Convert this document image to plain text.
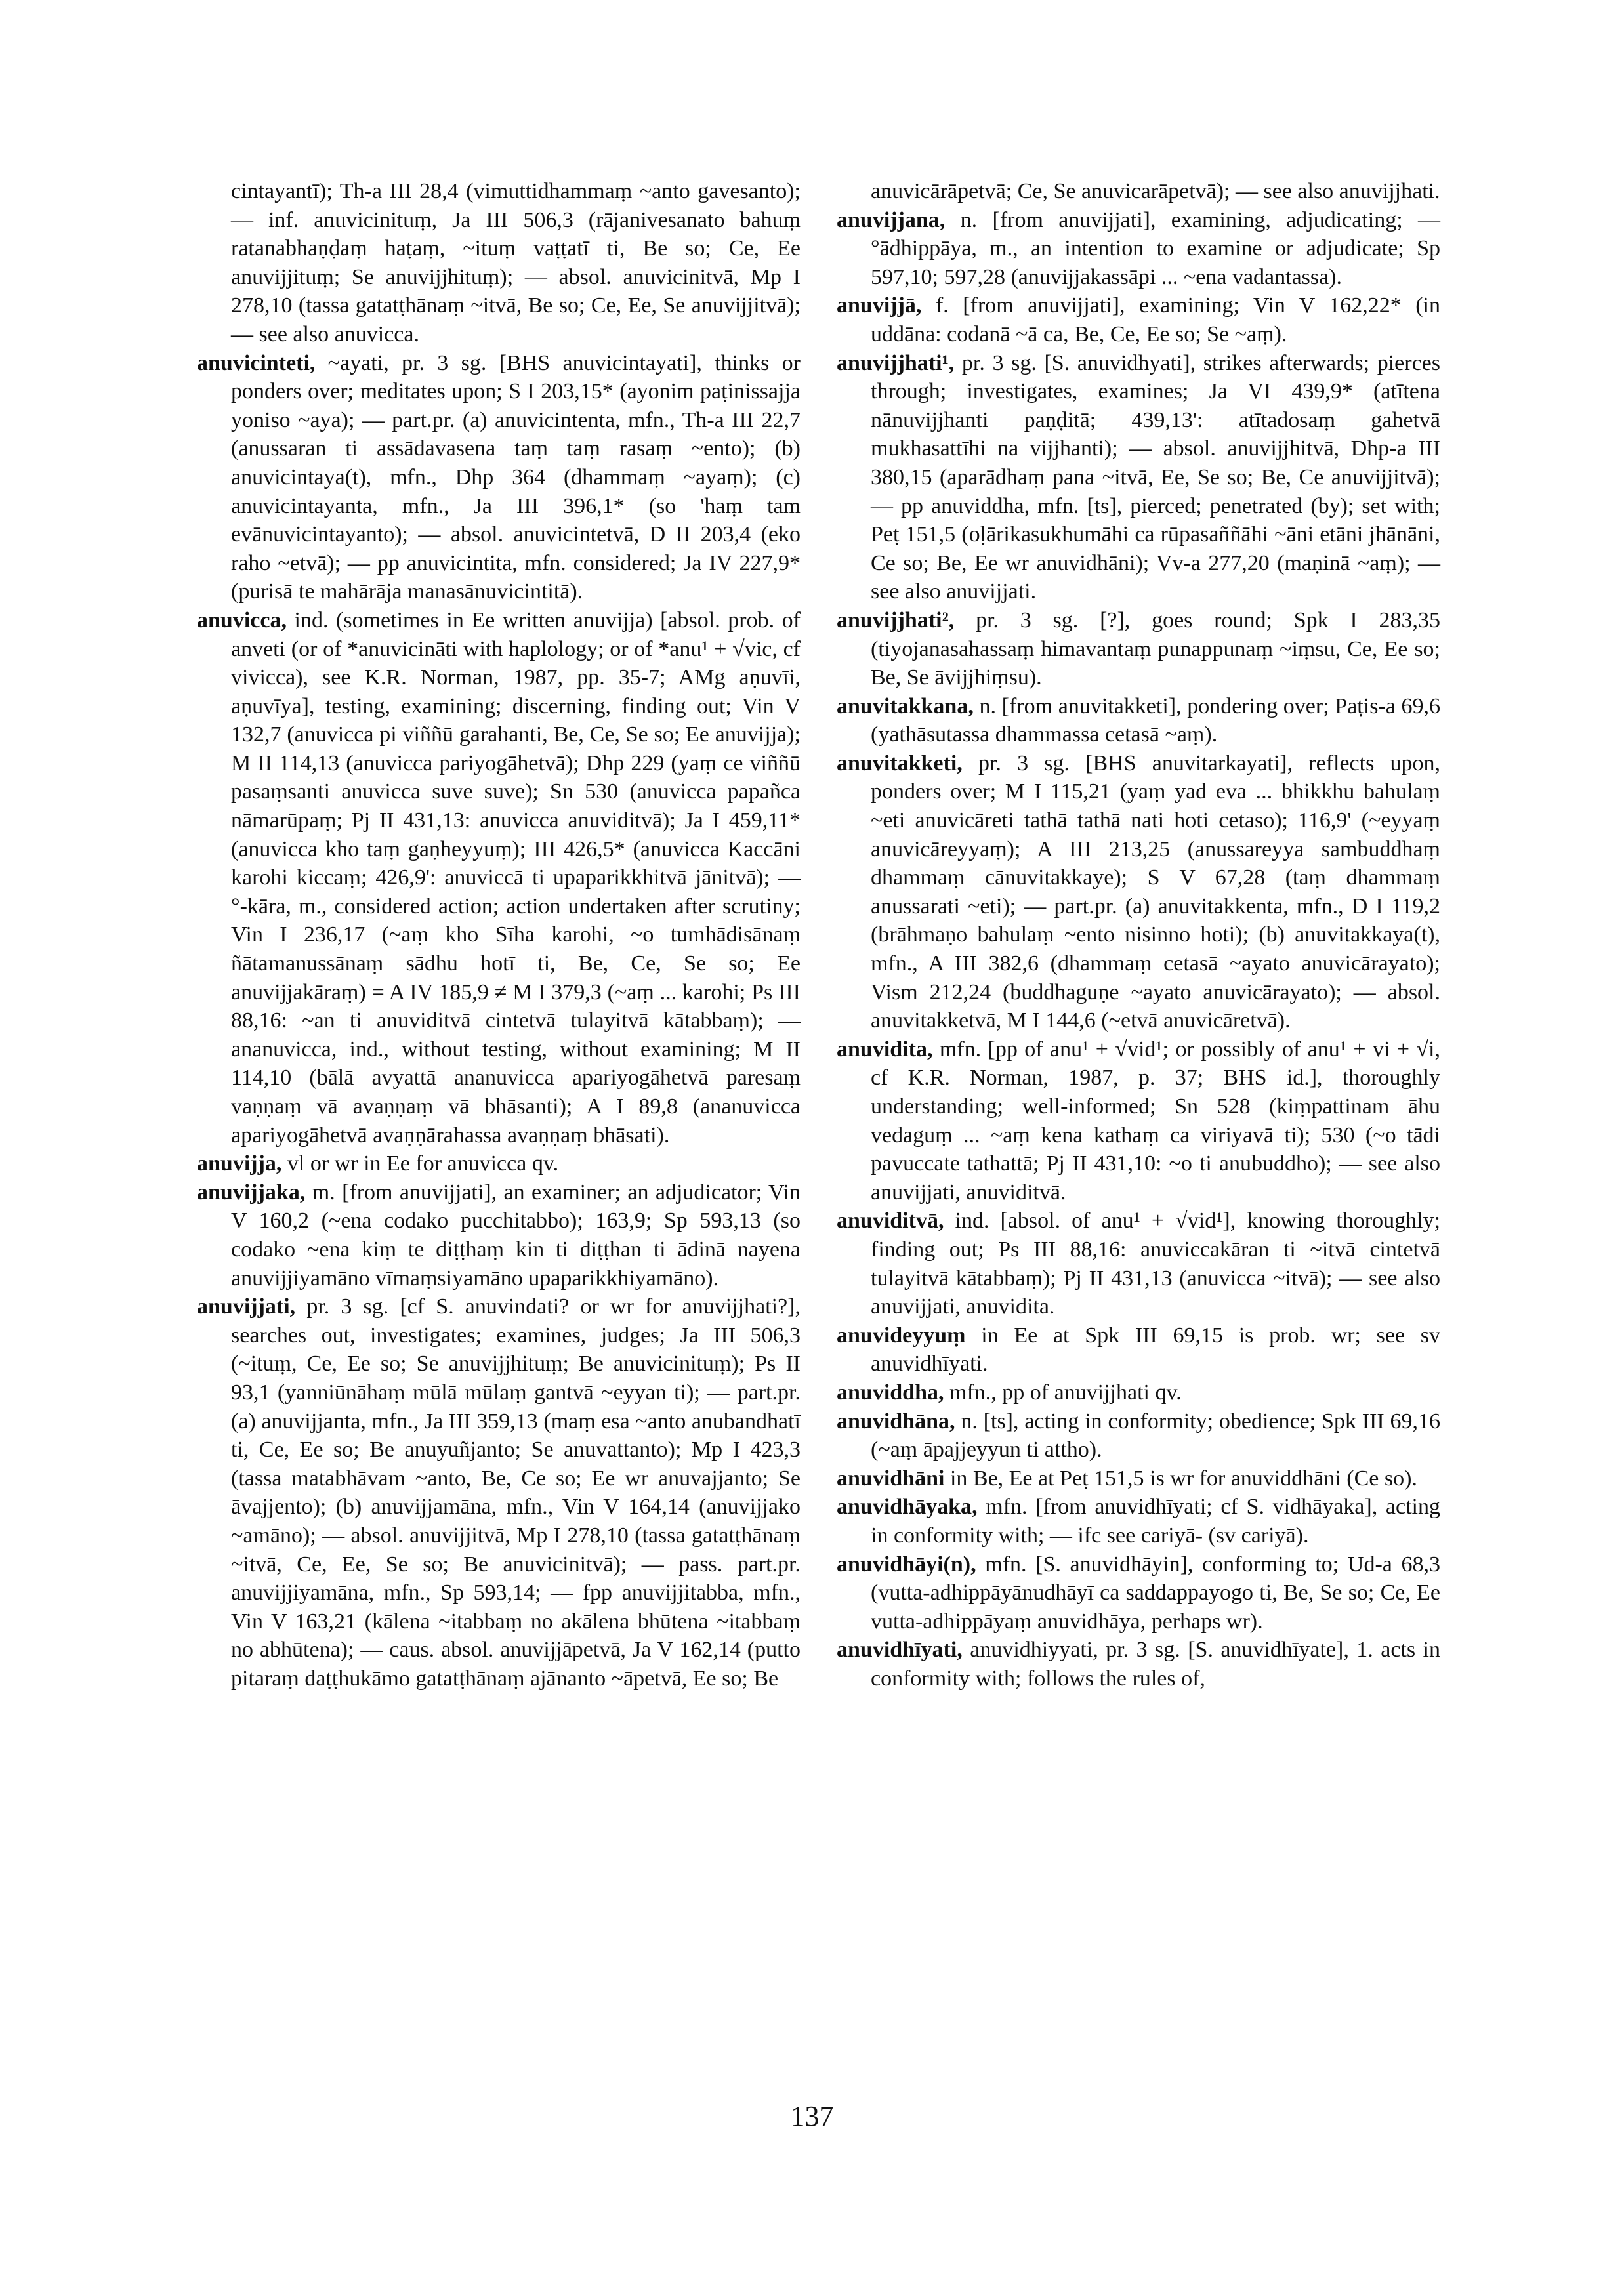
cintayantī); Th-a III 28,4 (vimuttidhammaṃ ~anto gavesanto); — inf. anuvicinituṃ, Ja III 506,3 (rājanivesanato bahuṃ ratanabhaṇḍaṃ haṭaṃ, ~ituṃ vaṭṭatī ti, Be so; Ce, Ee anuvijjituṃ; Se anuvijjhituṃ); — absol. anuvicinitvā, Mp I 278,10 (tassa gatatṭhānaṃ ~itvā, Be so; Ce, Ee, Se anuvijjitvā); — see also anuvicca.

anuvicinteti, ~ayati, pr. 3 sg. [BHS anuvicintayati], thinks or ponders over; meditates upon; S I 203,15* (ayonim paṭinissajja yoniso ~aya); — part.pr. (a) anuvicintenta, mfn., Th-a III 22,7 (anussaran ti assādavasena taṃ taṃ rasaṃ ~ento); (b) anuvicintaya(t), mfn., Dhp 364 (dhammaṃ ~ayaṃ); (c) anuvicintayanta, mfn., Ja III 396,1* (so 'haṃ tam evānuvicintayanto); — absol. anuvicintetvā, D II 203,4 (eko raho ~etvā); — pp anuvicintita, mfn. considered; Ja IV 227,9* (purisā te mahārāja manasānuvicintitā).

anuvicca, ind. (sometimes in Ee written anuvijja) [absol. prob. of anveti (or of *anuvicināti with haplology; or of *anu¹ + √vic, cf vivicca), see K.R. Norman, 1987, pp. 35-7; AMg aṇuvīi, aṇuvīya], testing, examining; discerning, finding out; Vin V 132,7 (anuvicca pi viññū garahanti, Be, Ce, Se so; Ee anuvijja); M II 114,13 (anuvicca pariyogāhetvā); Dhp 229 (yaṃ ce viññū pasaṃsanti anuvicca suve suve); Sn 530 (anuvicca papañca nāmarūpaṃ; Pj II 431,13: anuvicca anuviditvā); Ja I 459,11* (anuvicca kho taṃ gaṇheyyuṃ); III 426,5* (anuvicca Kaccāni karohi kiccaṃ; 426,9': anuviccā ti upaparikkhitvā jānitvā); — °-kāra, m., considered action; action undertaken after scrutiny; Vin I 236,17 (~aṃ kho Sīha karohi, ~o tumhādisānaṃ ñātamanussānaṃ sādhu hotī ti, Be, Ce, Se so; Ee anuvijjakāraṃ) = A IV 185,9 ≠ M I 379,3 (~aṃ ... karohi; Ps III 88,16: ~an ti anuviditvā cintetvā tulayitvā kātabbaṃ); — ananuvicca, ind., without testing, without examining; M II 114,10 (bālā avyattā ananuvicca apariyogāhetvā paresaṃ vaṇṇaṃ vā avaṇṇaṃ vā bhāsanti); A I 89,8 (ananuvicca apariyogāhetvā avaṇṇārahassa avaṇṇaṃ bhāsati).

anuvijja, vl or wr in Ee for anuvicca qv.

anuvijjaka, m. [from anuvijjati], an examiner; an adjudicator; Vin V 160,2 (~ena codako pucchitabbo); 163,9; Sp 593,13 (so codako ~ena kiṃ te diṭṭhaṃ kin ti diṭṭhan ti ādinā nayena anuvijjiyamāno vīmaṃsiyamāno upaparikkhiyamāno).

anuvijjati, pr. 3 sg. [cf S. anuvindati? or wr for anuvijjhati?], searches out, investigates; examines, judges; Ja III 506,3 (~ituṃ, Ce, Ee so; Se anuvijjhituṃ; Be anuvicinituṃ); Ps II 93,1 (yanniūnāhaṃ mūlā mūlaṃ gantvā ~eyyan ti); — part.pr. (a) anuvijjanta, mfn., Ja III 359,13 (maṃ esa ~anto anubandhatī ti, Ce, Ee so; Be anuyuñjanto; Se anuvattanto); Mp I 423,3 (tassa matabhāvam ~anto, Be, Ce so; Ee wr anuvajjanto; Se āvajjento); (b) anuvijjamāna, mfn., Vin V 164,14 (anuvijjako ~amāno); — absol. anuvijjitvā, Mp I 278,10 (tassa gatatṭhānaṃ ~itvā, Ce, Ee, Se so; Be anuvicinitvā); — pass. part.pr. anuvijjiyamāna, mfn., Sp 593,14; — fpp anuvijjitabba, mfn., Vin V 163,21 (kālena ~itabbaṃ no akālena bhūtena ~itabbaṃ no abhūtena); — caus. absol. anuvijjāpetvā, Ja V 162,14 (putto pitaraṃ daṭṭhukāmo gatatṭhānaṃ ajānanto ~āpetvā, Ee so; Be

anuvicārāpetvā; Ce, Se anuvicarāpetvā); — see also anuvijjhati.

anuvijjana, n. [from anuvijjati], examining, adjudicating; — °ādhippāya, m., an intention to examine or adjudicate; Sp 597,10; 597,28 (anuvijjakassāpi ... ~ena vadantassa).

anuvijjā, f. [from anuvijjati], examining; Vin V 162,22* (in uddāna: codanā ~ā ca, Be, Ce, Ee so; Se ~aṃ).

anuvijjhati¹, pr. 3 sg. [S. anuvidhyati], strikes afterwards; pierces through; investigates, examines; Ja VI 439,9* (atītena nānuvijjhanti paṇḍitā; 439,13': atītadosaṃ gahetvā mukhasattīhi na vijjhanti); — absol. anuvijjhitvā, Dhp-a III 380,15 (aparādhaṃ pana ~itvā, Ee, Se so; Be, Ce anuvijjitvā); — pp anuviddha, mfn. [ts], pierced; penetrated (by); set with; Peṭ 151,5 (oḷārikasukhumāhi ca rūpasaññāhi ~āni etāni jhānāni, Ce so; Be, Ee wr anuvidhāni); Vv-a 277,20 (maṇinā ~aṃ); — see also anuvijjati.

anuvijjhati², pr. 3 sg. [?], goes round; Spk I 283,35 (tiyojanasahassaṃ himavantaṃ punappunaṃ ~iṃsu, Ce, Ee so; Be, Se āvijjhiṃsu).

anuvitakkana, n. [from anuvitakketi], pondering over; Paṭis-a 69,6 (yathāsutassa dhammassa cetasā ~aṃ).

anuvitakketi, pr. 3 sg. [BHS anuvitarkayati], reflects upon, ponders over; M I 115,21 (yaṃ yad eva ... bhikkhu bahulaṃ ~eti anuvicāreti tathā tathā nati hoti cetaso); 116,9' (~eyyaṃ anuvicāreyyaṃ); A III 213,25 (anussareyya sambuddhaṃ dhammaṃ cānuvitakkaye); S V 67,28 (taṃ dhammaṃ anussarati ~eti); — part.pr. (a) anuvitakkenta, mfn., D I 119,2 (brāhmaṇo bahulaṃ ~ento nisinno hoti); (b) anuvitakkaya(t), mfn., A III 382,6 (dhammaṃ cetasā ~ayato anuvicārayato); Vism 212,24 (buddhaguṇe ~ayato anuvicārayato); — absol. anuvitakketvā, M I 144,6 (~etvā anuvicāretvā).

anuvidita, mfn. [pp of anu¹ + √vid¹; or possibly of anu¹ + vi + √i, cf K.R. Norman, 1987, p. 37; BHS id.], thoroughly understanding; well-informed; Sn 528 (kiṃpattinam āhu vedaguṃ ... ~aṃ kena kathaṃ ca viriyavā ti); 530 (~o tādi pavuccate tathattā; Pj II 431,10: ~o ti anubuddho); — see also anuvijjati, anuviditvā.

anuviditvā, ind. [absol. of anu¹ + √vid¹], knowing thoroughly; finding out; Ps III 88,16: anuviccakāran ti ~itvā cintetvā tulayitvā kātabbaṃ); Pj II 431,13 (anuvicca ~itvā); — see also anuvijjati, anuvidita.

anuvideyyuṃ in Ee at Spk III 69,15 is prob. wr; see sv anuvidhīyati.

anuviddha, mfn., pp of anuvijjhati qv.

anuvidhāna, n. [ts], acting in conformity; obedience; Spk III 69,16 (~aṃ āpajjeyyun ti attho).

anuvidhāni in Be, Ee at Peṭ 151,5 is wr for anuviddhāni (Ce so).

anuvidhāyaka, mfn. [from anuvidhīyati; cf S. vidhāyaka], acting in conformity with; — ifc see cariyā- (sv cariyā).

anuvidhāyi(n), mfn. [S. anuvidhāyin], conforming to; Ud-a 68,3 (vutta-adhippāyānudhāyī ca saddappayogo ti, Be, Se so; Ce, Ee vutta-adhippāyaṃ anuvidhāya, perhaps wr).

anuvidhīyati, anuvidhiyyati, pr. 3 sg. [S. anuvidhīyate], 1. acts in conformity with; follows the rules of,

137
